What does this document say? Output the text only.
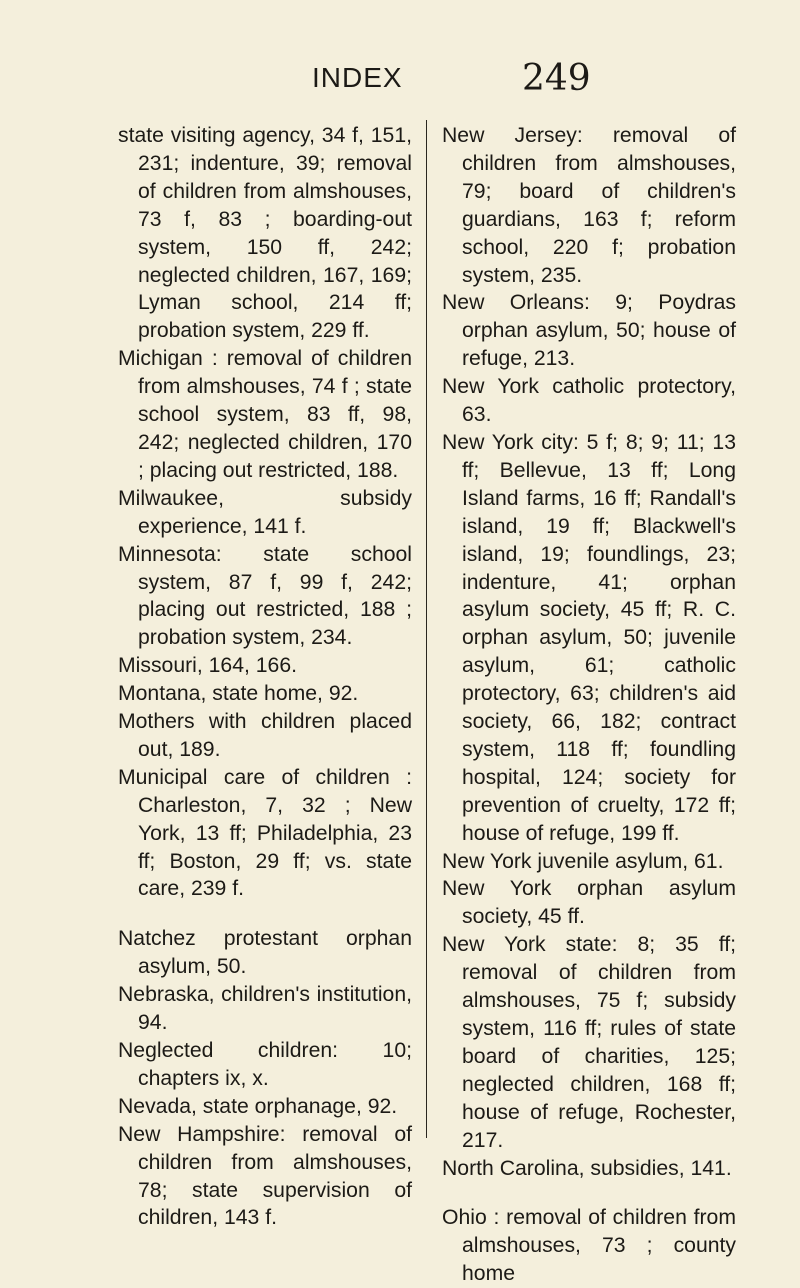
INDEX	249

state visiting agency, 34 f, 151, 231; indenture, 39; removal of children from almshouses, 73 f, 83 ; boarding-out system, 150 ff, 242; neglected children, 167, 169; Lyman school, 214 ff; probation system, 229 ff.

Michigan : removal of children from almshouses, 74 f ; state school system, 83 ff, 98, 242; neglected children, 170 ; placing out restricted, 188.

Milwaukee, subsidy experience, 141 f.

Minnesota: state school system, 87 f, 99 f, 242; placing out restricted, 188 ; probation system, 234.

Missouri, 164, 166.

Montana, state home, 92.

Mothers with children placed out, 189.

Municipal care of children : Charleston, 7, 32 ; New York, 13 ff; Philadelphia, 23 ff; Boston, 29 ff; vs. state care, 239 f.

Natchez protestant orphan asylum, 50.

Nebraska, children's institution, 94.

Neglected children: 10; chapters ix, x.

Nevada, state orphanage, 92.

New Hampshire: removal of children from almshouses, 78; state supervision of children, 143 f.

New Jersey: removal of children from almshouses, 79; board of children's guardians, 163 f; reform school, 220 f; probation system, 235.

New Orleans: 9; Poydras orphan asylum, 50; house of refuge, 213.

New York catholic protectory, 63.

New York city: 5 f; 8; 9; 11; 13 ff; Bellevue, 13 ff; Long Island farms, 16 ff; Randall's island, 19 ff; Blackwell's island, 19; foundlings, 23; indenture, 41; orphan asylum society, 45 ff; R. C. orphan asylum, 50; juvenile asylum, 61; catholic protectory, 63; children's aid society, 66, 182; contract system, 118 ff; foundling hospital, 124; society for prevention of cruelty, 172 ff; house of refuge, 199 ff.

New York juvenile asylum, 61.

New York orphan asylum society, 45 ff.

New York state: 8; 35 ff; removal of children from almshouses, 75 f; subsidy system, 116 ff; rules of state board of charities, 125; neglected children, 168 ff; house of refuge, Rochester, 217.

North Carolina, subsidies, 141.

Ohio : removal of children from almshouses, 73 ; county home
